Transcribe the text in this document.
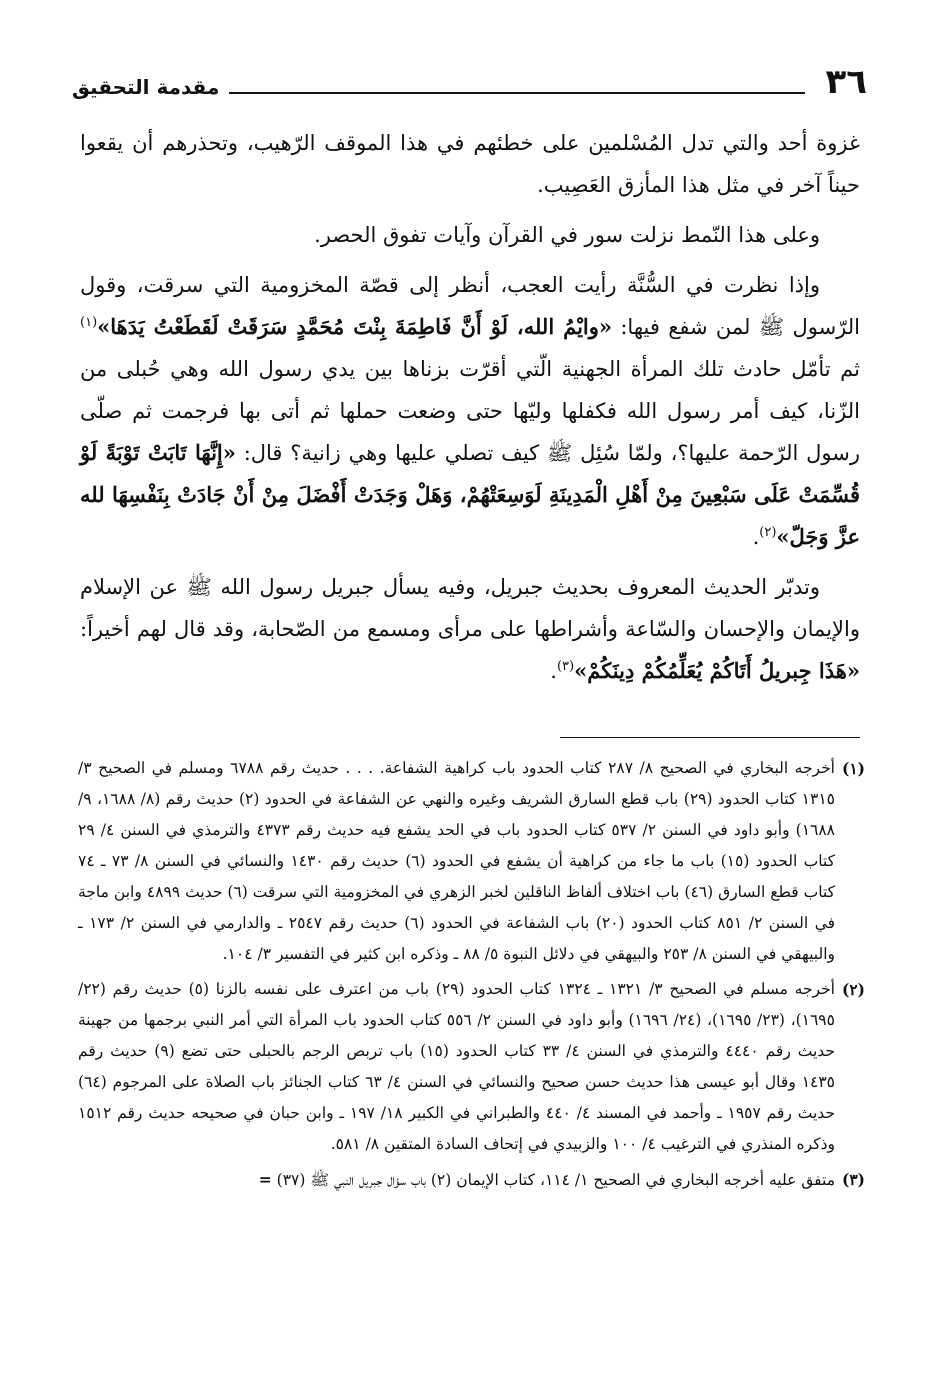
٣٦
مقدمة التحقيق

غزوة أحد والتي تدل المُسْلمين على خطئهم في هذا الموقف الرّهيب، وتحذرهم أن يقعوا حيناً آخر في مثل هذا المأزق العَصِيب.

وعلى هذا النّمط نزلت سور في القرآن وآيات تفوق الحصر.

وإذا نظرت في السُّنَّة رأيت العجب، أنظر إلى قصّة المخزومية التي سرقت، وقول الرّسول ﷺ لمن شفع فيها: «وايْمُ الله، لَوْ أَنَّ فَاطِمَةَ بِنْتَ مُحَمَّدٍ سَرَقَتْ لَقَطَعْتُ يَدَهَا»$^{(١)}$ ثم تأمّل حادث تلك المرأة الجهنية الّتي أقرّت بزناها بين يدي رسول الله وهي حُبلى من الزّنا، كيف أمر رسول الله فكفلها وليّها حتى وضعت حملها ثم أتى بها فرجمت ثم صلّى رسول الرّحمة عليها؟، ولمّا سُئِل ﷺ كيف تصلي عليها وهي زانية؟ قال: «إِنَّهَا تَابَتْ تَوْبَةً لَوْ قُسِّمَتْ عَلَى سَبْعِينَ مِنْ أَهْلِ الْمَدِينَةِ لَوَسِعَتْهُمْ، وَهَلْ وَجَدَتْ أَفْضَلَ مِنْ أَنْ جَادَتْ بِنَفْسِهَا لله عزَّ وَجَلّ»$^{(٢)}$.

وتدبّر الحديث المعروف بحديث جبريل، وفيه يسأل جبريل رسول الله ﷺ عن الإسلام والإيمان والإحسان والسّاعة وأشراطها على مرأى ومسمع من الصّحابة، وقد قال لهم أخيراً: «هَذَا جِبريلُ أَتَاكُمْ يُعَلِّمُكُمْ دِينَكُمْ»$^{(٣)}$.

(١)
أخرجه البخاري في الصحيح ٨/ ٢٨٧ كتاب الحدود باب كراهية الشفاعة. . . . حديث رقم ٦٧٨٨ ومسلم في الصحيح ٣/ ١٣١٥ كتاب الحدود (٢٩) باب قطع السارق الشريف وغيره والنهي عن الشفاعة في الحدود (٢) حديث رقم (٨/ ١٦٨٨، ٩/ ١٦٨٨) وأبو داود في السنن ٢/ ٥٣٧ كتاب الحدود باب في الحد يشفع فيه حديث رقم ٤٣٧٣ والترمذي في السنن ٤/ ٢٩ كتاب الحدود (١٥) باب ما جاء من كراهية أن يشفع في الحدود (٦) حديث رقم ١٤٣٠ والنسائي في السنن ٨/ ٧٣ ـ ٧٤ كتاب قطع السارق (٤٦) باب اختلاف ألفاظ الناقلين لخبر الزهري في المخزومية التي سرقت (٦) حديث ٤٨٩٩ وابن ماجة في السنن ٢/ ٨٥١ كتاب الحدود (٢٠) باب الشفاعة في الحدود (٦) حديث رقم ٢٥٤٧ ـ والدارمي في السنن ٢/ ١٧٣ ـ والبيهقي في السنن ٨/ ٢٥٣ والبيهقي في دلائل النبوة ٥/ ٨٨ ـ وذكره ابن كثير في التفسير ٣/ ١٠٤.

(٢)
أخرجه مسلم في الصحيح ٣/ ١٣٢١ ـ ١٣٢٤ كتاب الحدود (٢٩) باب من اعترف على نفسه بالزنا (٥) حديث رقم (٢٢/ ١٦٩٥)، (٢٣/ ١٦٩٥)، (٢٤/ ١٦٩٦) وأبو داود في السنن ٢/ ٥٥٦ كتاب الحدود باب المرأة التي أمر النبي برجمها من جهينة حديث رقم ٤٤٤٠ والترمذي في السنن ٤/ ٣٣ كتاب الحدود (١٥) باب تربص الرجم بالحبلى حتى تضع (٩) حديث رقم ١٤٣٥ وقال أبو عيسى هذا حديث حسن صحيح والنسائي في السنن ٤/ ٦٣ كتاب الجنائز باب الصلاة على المرجوم (٦٤) حديث رقم ١٩٥٧ ـ وأحمد في المسند ٤/ ٤٤٠ والطبراني في الكبير ١٨/ ١٩٧ ـ وابن حبان في صحيحه حديث رقم ١٥١٢ وذكره المنذري في الترغيب ٤/ ١٠٠ والزبيدي في إتحاف السادة المتقين ٨/ ٥٨١.

(٣)
متفق عليه أخرجه البخاري في الصحيح ١/ ١١٤، كتاب الإيمان (٢) باب سؤال جبريل النبي ﷺ (٣٧) =
